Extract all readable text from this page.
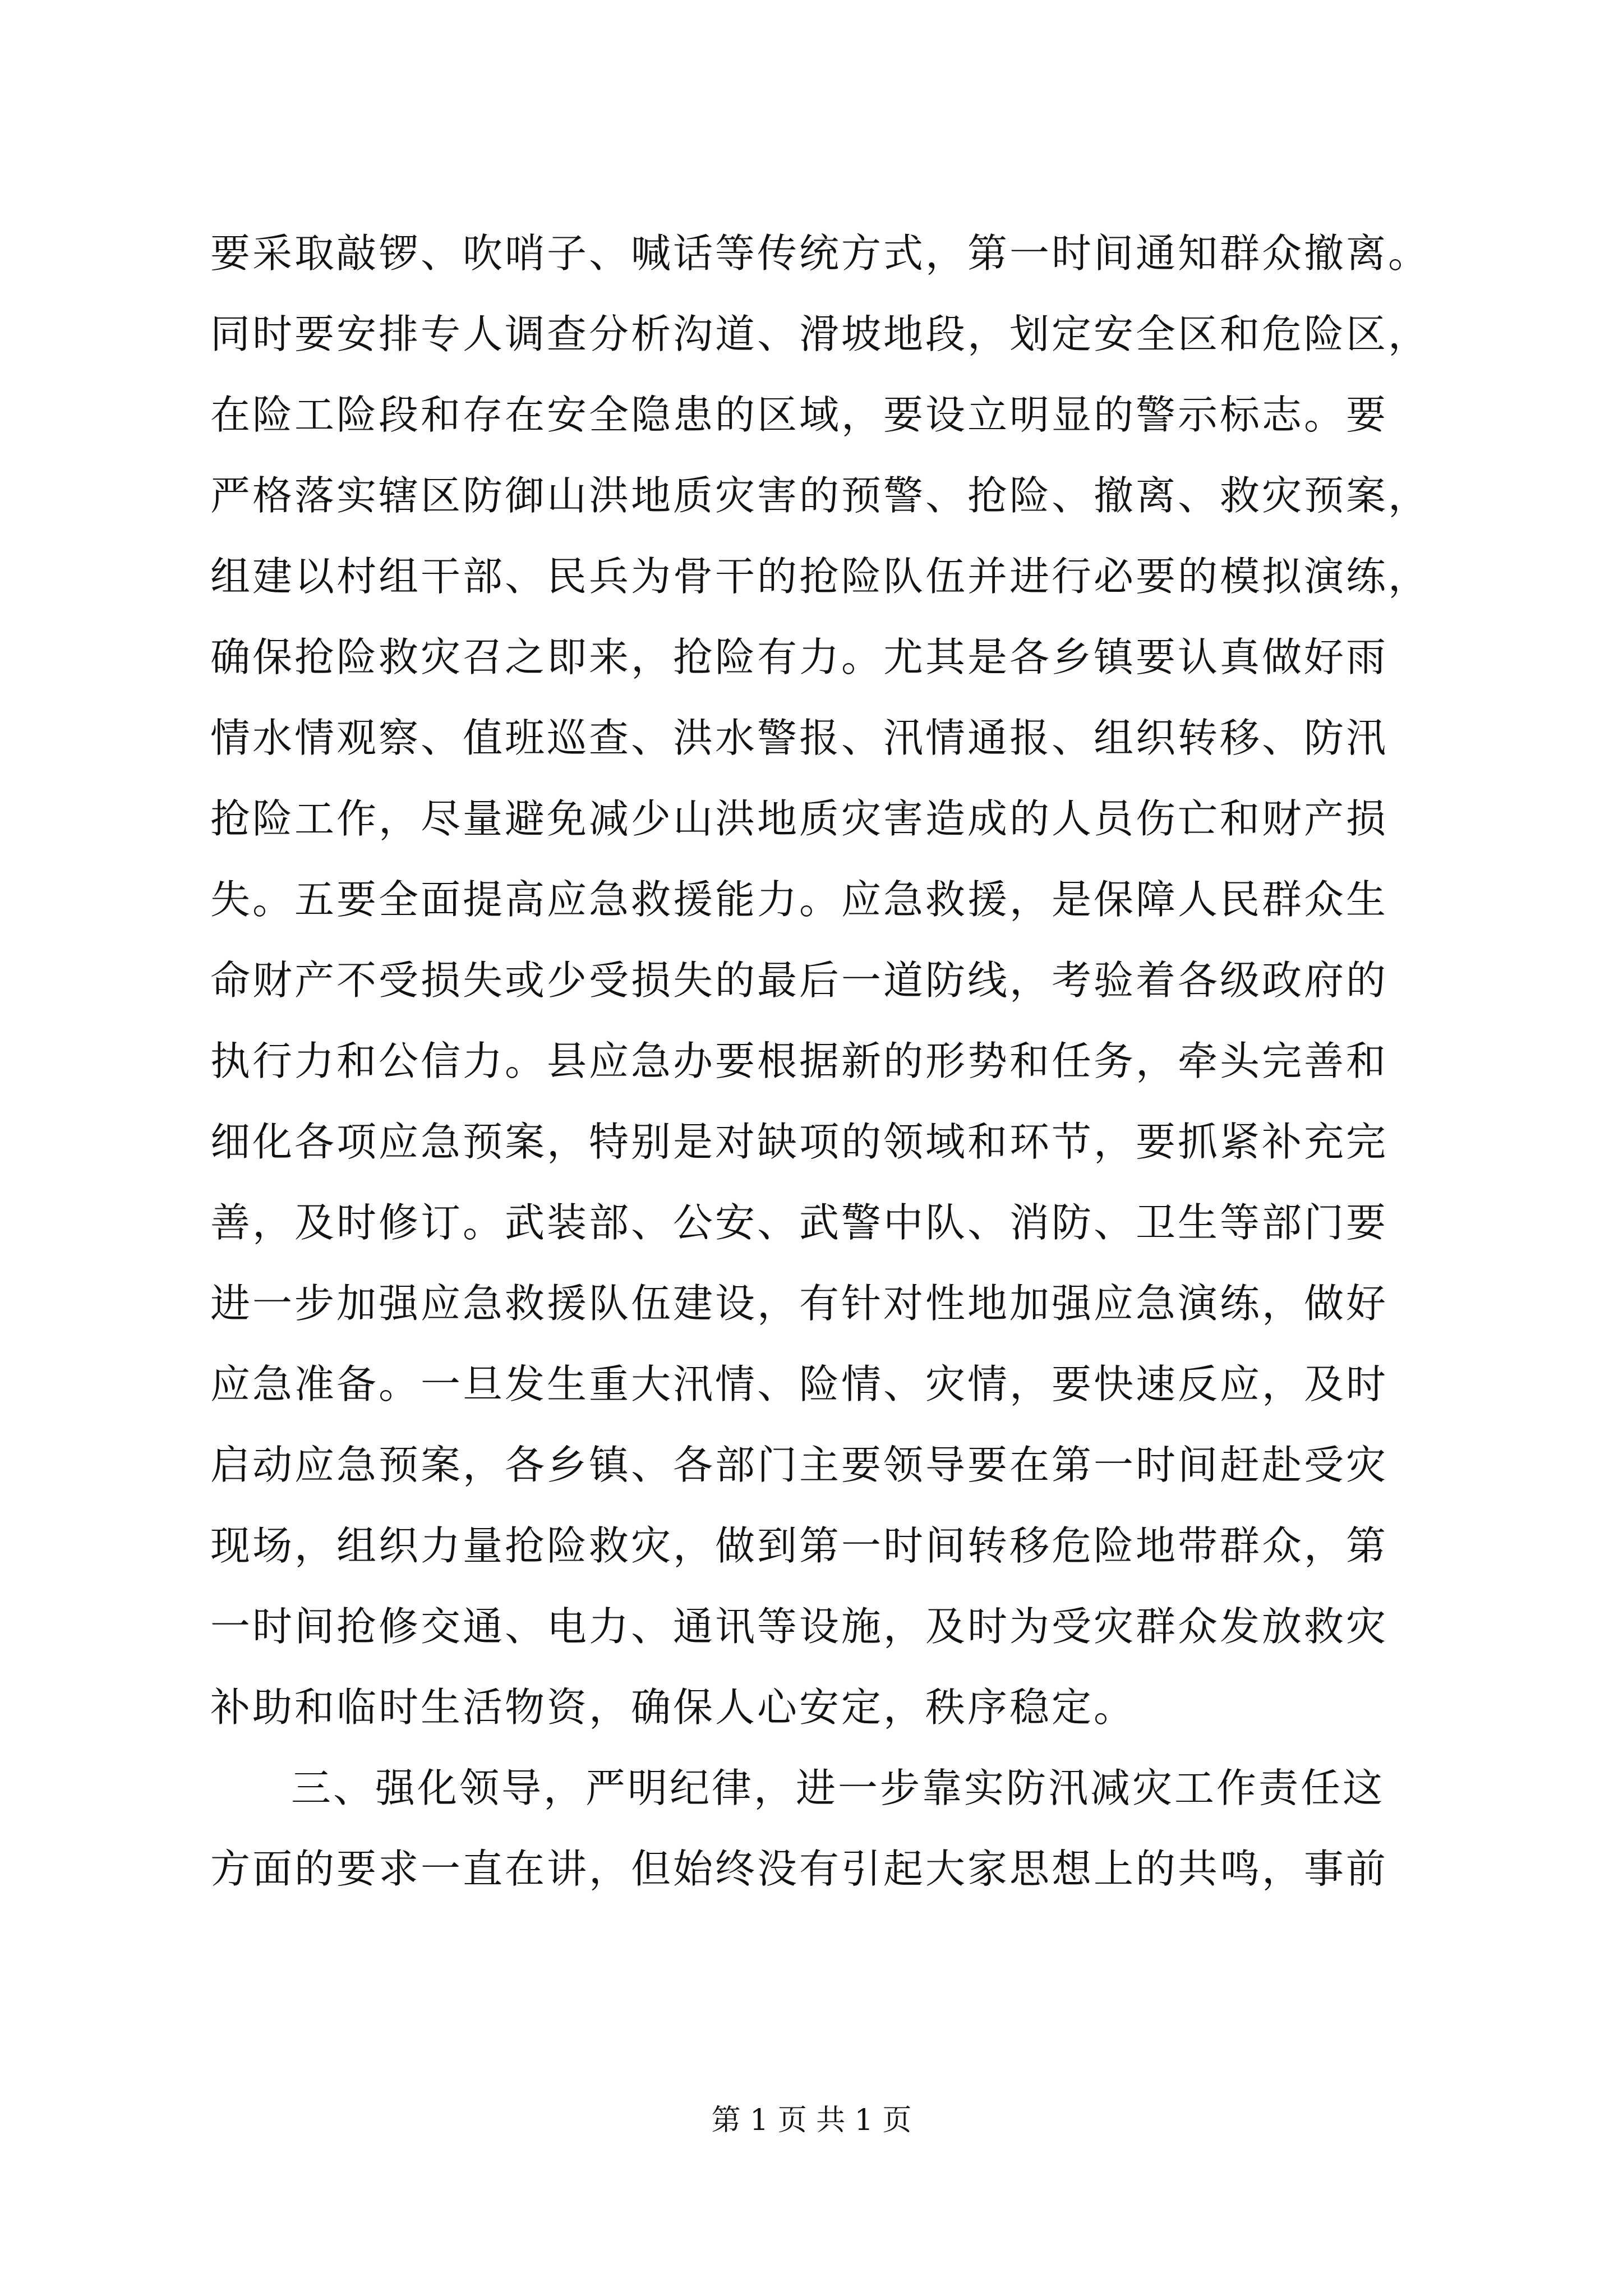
要采取敲锣、吹哨子、喊话等传统方式，第一时间通知群众撤离。
同时要安排专人调查分析沟道、滑坡地段，划定安全区和危险区，
在险工险段和存在安全隐患的区域，要设立明显的警示标志。要
严格落实辖区防御山洪地质灾害的预警、抢险、撤离、救灾预案，
组建以村组干部、民兵为骨干的抢险队伍并进行必要的模拟演练，
确保抢险救灾召之即来，抢险有力。尤其是各乡镇要认真做好雨
情水情观察、值班巡查、洪水警报、汛情通报、组织转移、防汛
抢险工作，尽量避免减少山洪地质灾害造成的人员伤亡和财产损
失。五要全面提高应急救援能力。应急救援，是保障人民群众生
命财产不受损失或少受损失的最后一道防线，考验着各级政府的
执行力和公信力。县应急办要根据新的形势和任务，牵头完善和
细化各项应急预案，特别是对缺项的领域和环节，要抓紧补充完
善，及时修订。武装部、公安、武警中队、消防、卫生等部门要
进一步加强应急救援队伍建设，有针对性地加强应急演练，做好
应急准备。一旦发生重大汛情、险情、灾情，要快速反应，及时
启动应急预案，各乡镇、各部门主要领导要在第一时间赶赴受灾
现场，组织力量抢险救灾，做到第一时间转移危险地带群众，第
一时间抢修交通、电力、通讯等设施，及时为受灾群众发放救灾
补助和临时生活物资，确保人心安定，秩序稳定。
三、强化领导，严明纪律，进一步靠实防汛减灾工作责任这
方面的要求一直在讲，但始终没有引起大家思想上的共鸣，事前
第 1 页 共 1 页
